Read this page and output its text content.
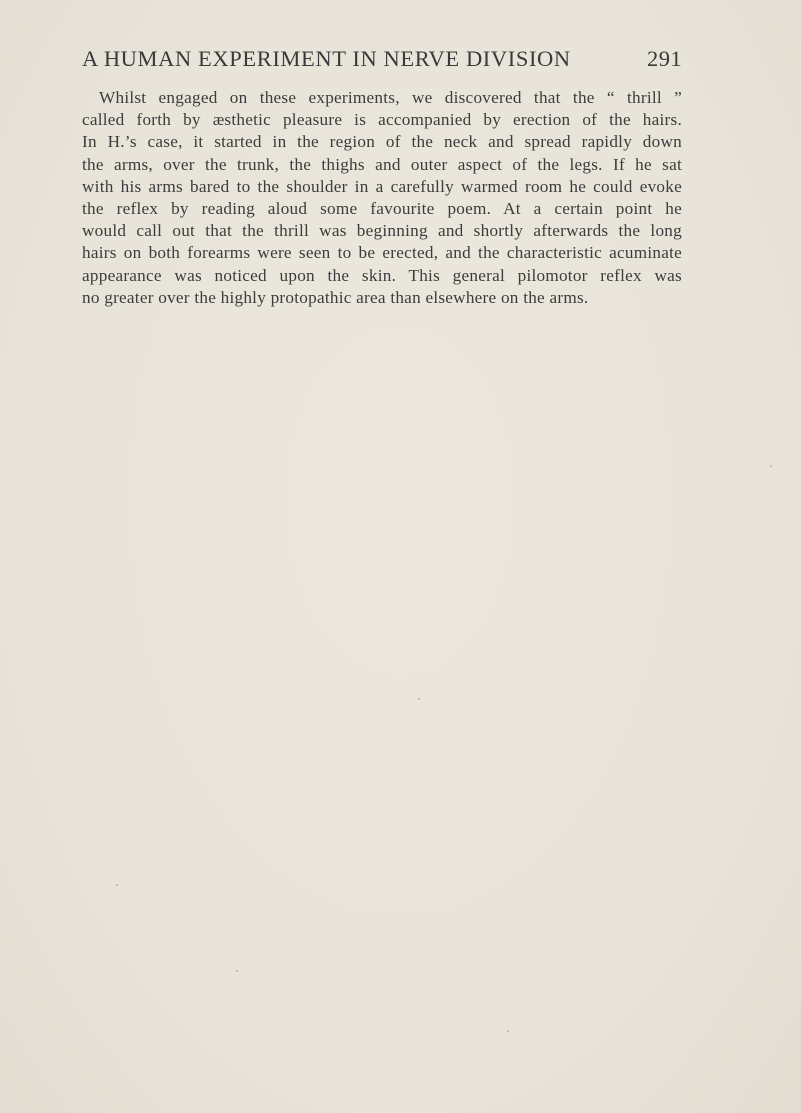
A HUMAN EXPERIMENT IN NERVE DIVISION	291

Whilst engaged on these experiments, we discovered that the “ thrill ”
called forth by æsthetic pleasure is accompanied by erection of the hairs.
In H.’s case, it started in the region of the neck and spread rapidly down
the arms, over the trunk, the thighs and outer aspect of the legs. If he sat
with his arms bared to the shoulder in a carefully warmed room he could evoke
the reflex by reading aloud some favourite poem. At a certain point he
would call out that the thrill was beginning and shortly afterwards the long
hairs on both forearms were seen to be erected, and the characteristic acuminate
appearance was noticed upon the skin. This general pilomotor reflex was
no greater over the highly protopathic area than elsewhere on the arms.
